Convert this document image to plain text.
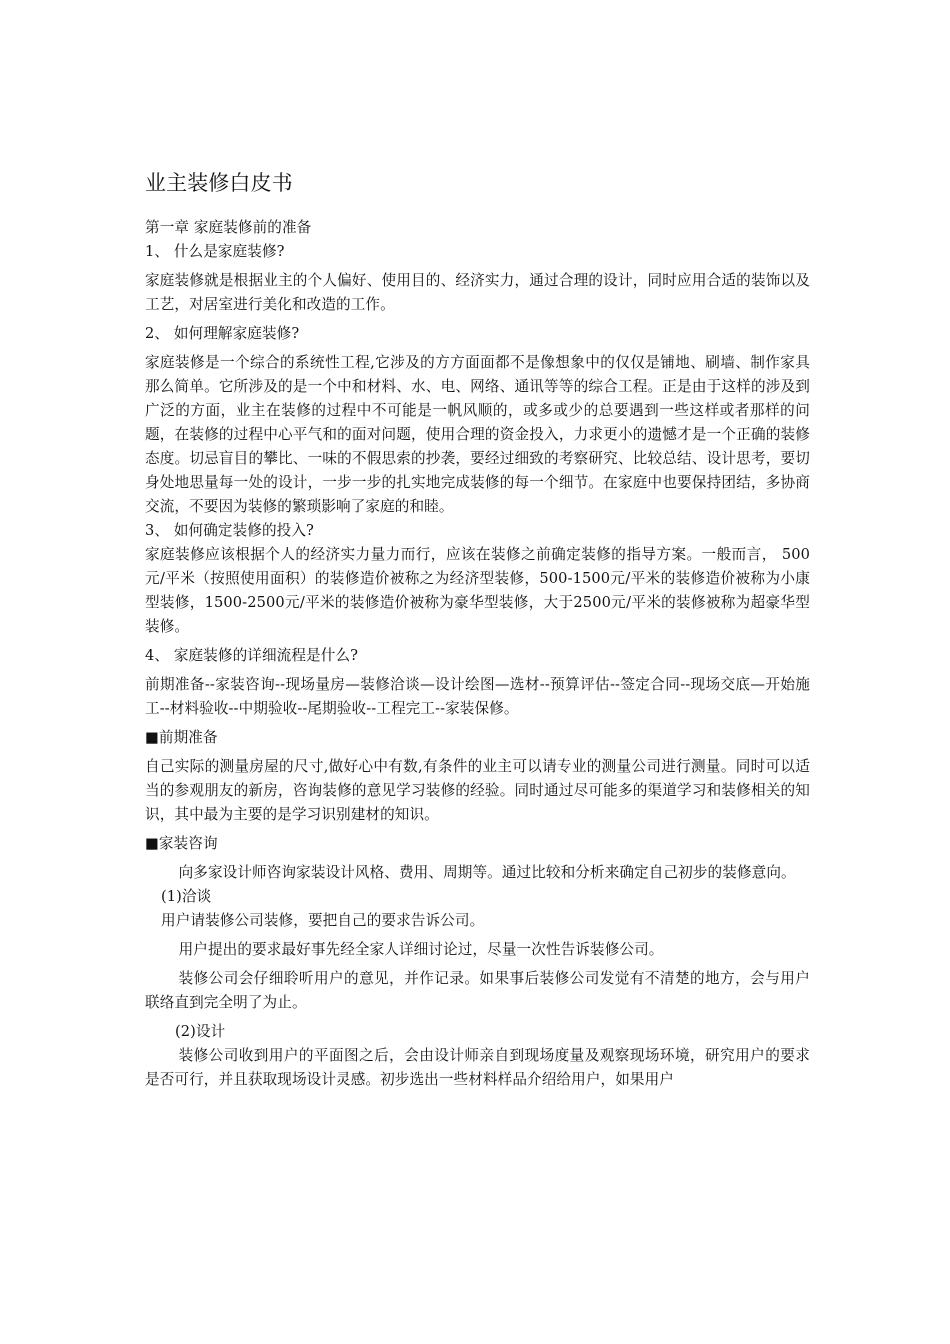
业主装修白皮书

第一章 家庭装修前的准备

1、 什么是家庭装修?

家庭装修就是根据业主的个人偏好、使用目的、经济实力，通过合理的设计，同时应用合适的装饰以及工艺，对居室进行美化和改造的工作。

2、 如何理解家庭装修?

家庭装修是一个综合的系统性工程,它涉及的方方面面都不是像想象中的仅仅是铺地、刷墙、制作家具那么简单。它所涉及的是一个中和材料、水、电、网络、通讯等等的综合工程。正是由于这样的涉及到广泛的方面，业主在装修的过程中不可能是一帆风顺的，或多或少的总要遇到一些这样或者那样的问题，在装修的过程中心平气和的面对问题，使用合理的资金投入，力求更小的遗憾才是一个正确的装修态度。切忌盲目的攀比、一味的不假思索的抄袭，要经过细致的考察研究、比较总结、设计思考，要切身处地思量每一处的设计，一步一步的扎实地完成装修的每一个细节。在家庭中也要保持团结，多协商交流，不要因为装修的繁琐影响了家庭的和睦。

3、 如何确定装修的投入?

家庭装修应该根据个人的经济实力量力而行，应该在装修之前确定装修的指导方案。一般而言， 500元/平米（按照使用面积）的装修造价被称之为经济型装修，500-1500元/平米的装修造价被称为小康型装修，1500-2500元/平米的装修造价被称为豪华型装修，大于2500元/平米的装修被称为超豪华型装修。

4、 家庭装修的详细流程是什么?

前期准备--家装咨询--现场量房—装修洽谈—设计绘图—选材--预算评估--签定合同--现场交底—开始施工--材料验收--中期验收--尾期验收--工程完工--家装保修。

■前期准备

自己实际的测量房屋的尺寸,做好心中有数,有条件的业主可以请专业的测量公司进行测量。同时可以适当的参观朋友的新房，咨询装修的意见学习装修的经验。同时通过尽可能多的渠道学习和装修相关的知识，其中最为主要的是学习识别建材的知识。

■家装咨询

向多家设计师咨询家装设计风格、费用、周期等。通过比较和分析来确定自己初步的装修意向。

(1)洽谈

用户请装修公司装修，要把自己的要求告诉公司。

用户提出的要求最好事先经全家人详细讨论过，尽量一次性告诉装修公司。

装修公司会仔细聆听用户的意见，并作记录。如果事后装修公司发觉有不清楚的地方，会与用户联络直到完全明了为止。

(2)设计

装修公司收到用户的平面图之后，会由设计师亲自到现场度量及观察现场环境，研究用户的要求是否可行，并且获取现场设计灵感。初步选出一些材料样品介绍给用户，如果用户
